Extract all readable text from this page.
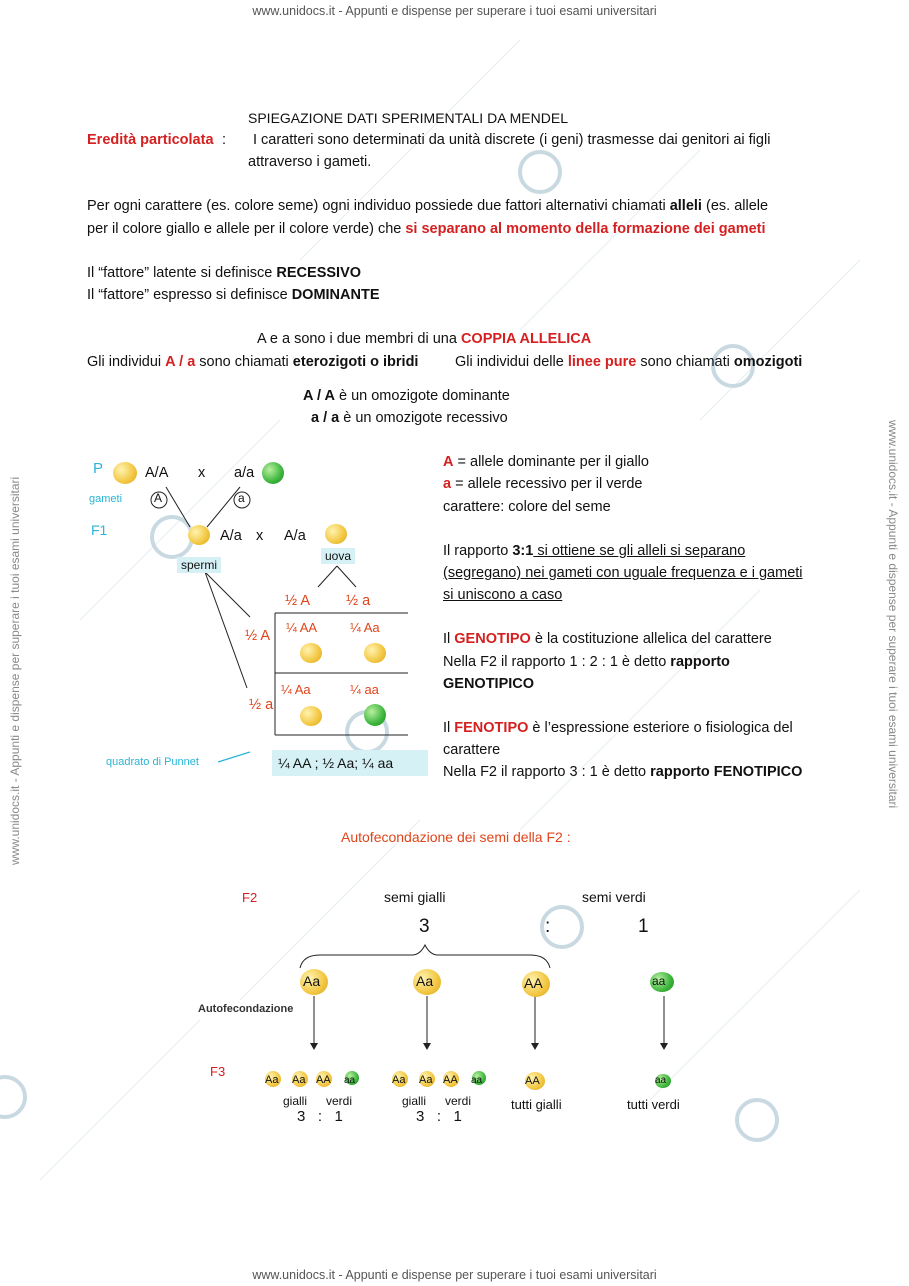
www.unidocs.it - Appunti e dispense per superare i tuoi esami universitari
www.unidocs.it - Appunti e dispense per superare i tuoi esami universitari
www.unidocs.it - Appunti e dispense per superare i tuoi esami universitari	www.unidocs.it - Appunti e dispense per superare i tuoi esami universitari
SPIEGAZIONE DATI SPERIMENTALI DA MENDEL
Eredità particolata : I caratteri sono determinati da unità discrete (i geni) trasmesse dai genitori ai figli
attraverso i gameti.
Per ogni carattere (es. colore seme) ogni individuo possiede due fattori alternativi chiamati alleli (es. allele
per il colore giallo e allele per il colore verde) che si separano al momento della formazione dei gameti
Il “fattore” latente si definisce RECESSIVO
Il “fattore” espresso si definisce DOMINANTE
A e a sono i due membri di una COPPIA ALLELICA
Gli individui A / a sono chiamati eterozigoti o ibridi	Gli individui delle linee pure sono chiamati omozigoti
A / A è un omozigote dominante
a / a è un omozigote recessivo
P	A/A x a/a
gameti	A	a
F1	A/a x A/a
uova
spermi
½ A ½ a
½ A
½ a
¼ AA	¼ Aa
¼ Aa	¼ aa
quadrato di Punnet	¼ AA ; ½ Aa; ¼ aa
A = allele dominante per il giallo
a = allele recessivo per il verde
carattere: colore del seme
Il rapporto 3:1 si ottiene se gli alleli si separano
(segregano) nei gameti con uguale frequenza e i gameti
si uniscono a caso
Il GENOTIPO è la costituzione allelica del carattere
Nella F2 il rapporto 1 : 2 : 1 è detto rapporto
GENOTIPICO
Il FENOTIPO è l’espressione esteriore o fisiologica del
carattere
Nella F2 il rapporto 3 : 1 è detto rapporto FENOTIPICO
Autofecondazione dei semi della F2 :
F2	semi gialli	semi verdi
3	:	1
Aa	Aa	AA	aa
Autofecondazione
F3
Aa Aa AA aa
gialli verdi
3   :   1
Aa Aa AA aa
gialli verdi
3   :   1
AA
tutti gialli
aa
tutti verdi
